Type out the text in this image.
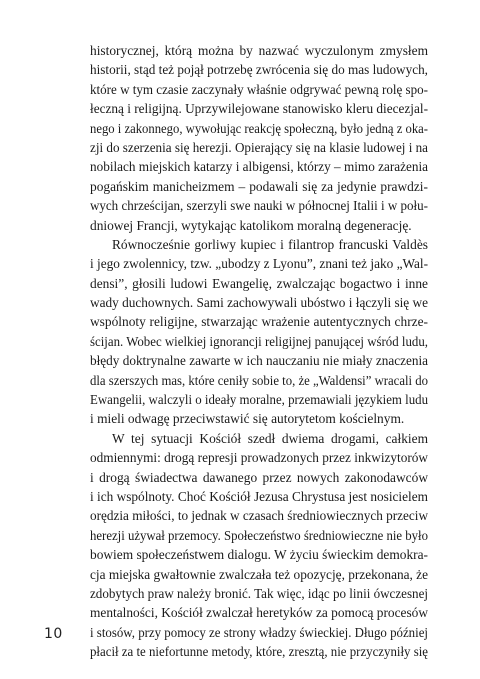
historycznej, którą można by nazwać wyczulonym zmysłem
historii, stąd też pojął potrzebę zwrócenia się do mas ludowych,
które w tym czasie zaczynały właśnie odgrywać pewną rolę spo-
łeczną i religijną. Uprzywilejowane stanowisko kleru diecezjal-
nego i zakonnego, wywołując reakcję społeczną, było jedną z oka-
zji do szerzenia się herezji. Opierający się na klasie ludowej i na
nobilach miejskich katarzy i albigensi, którzy – mimo zarażenia
pogańskim manicheizmem – podawali się za jedynie prawdzi-
wych chrześcijan, szerzyli swe nauki w północnej Italii i w połu-
dniowej Francji, wytykając katolikom moralną degenerację.
Równocześnie gorliwy kupiec i filantrop francuski Valdès
i jego zwolennicy, tzw. „ubodzy z Lyonu”, znani też jako „Wal-
densi”, głosili ludowi Ewangelię, zwalczając bogactwo i inne
wady duchownych. Sami zachowywali ubóstwo i łączyli się we
wspólnoty religijne, stwarzając wrażenie autentycznych chrze-
ścijan. Wobec wielkiej ignorancji religijnej panującej wśród ludu,
błędy doktrynalne zawarte w ich nauczaniu nie miały znaczenia
dla szerszych mas, które ceniły sobie to, że „Waldensi” wracali do
Ewangelii, walczyli o ideały moralne, przemawiali językiem ludu
i mieli odwagę przeciwstawić się autorytetom kościelnym.
W tej sytuacji Kościół szedł dwiema drogami, całkiem
odmiennymi: drogą represji prowadzonych przez inkwizytorów
i drogą świadectwa dawanego przez nowych zakonodawców
i ich wspólnoty. Choć Kościół Jezusa Chrystusa jest nosicielem
orędzia miłości, to jednak w czasach średniowiecznych przeciw
herezji używał przemocy. Społeczeństwo średniowieczne nie było
bowiem społeczeństwem dialogu. W życiu świeckim demokra-
cja miejska gwałtownie zwalczała też opozycję, przekonana, że
zdobytych praw należy bronić. Tak więc, idąc po linii ówczesnej
mentalności, Kościół zwalczał heretyków za pomocą procesów
i stosów, przy pomocy ze strony władzy świeckiej. Długo później
płacił za te niefortunne metody, które, zresztą, nie przyczyniły się
10
